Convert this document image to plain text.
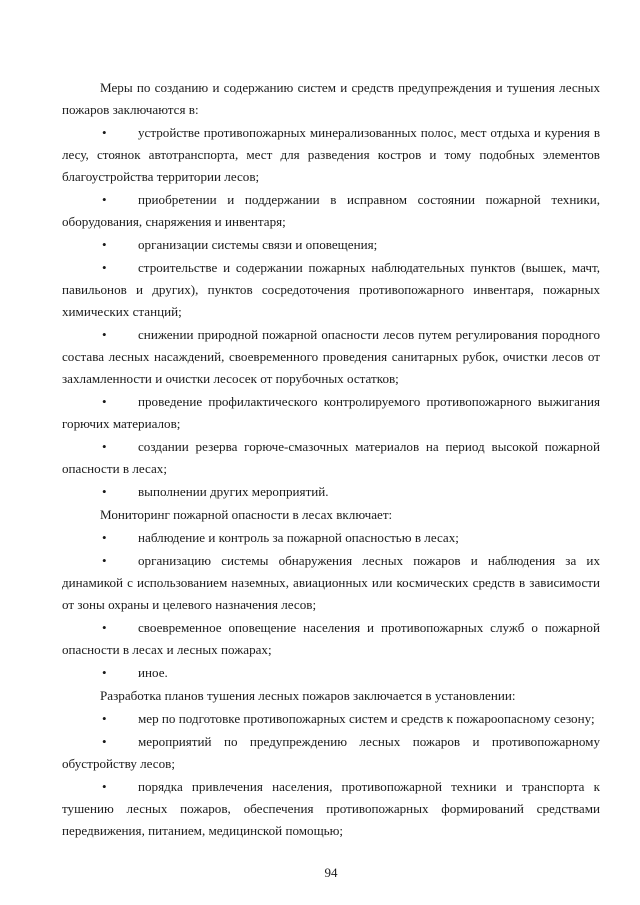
Меры по созданию и содержанию систем и средств предупреждения и тушения лесных пожаров заключаются в:

• устройстве противопожарных минерализованных полос, мест отдыха и курения в лесу, стоянок автотранспорта, мест для разведения костров и тому подобных элементов благоустройства территории лесов;

• приобретении и поддержании в исправном состоянии пожарной техники, оборудования, снаряжения и инвентаря;

• организации системы связи и оповещения;

• строительстве и содержании пожарных наблюдательных пунктов (вышек, мачт, павильонов и других), пунктов сосредоточения противопожарного инвентаря, пожарных химических станций;

• снижении природной пожарной опасности лесов путем регулирования породного состава лесных насаждений, своевременного проведения санитарных рубок, очистки лесов от захламленности и очистки лесосек от порубочных остатков;

• проведение профилактического контролируемого противопожарного выжигания горючих материалов;

• создании резерва горюче-смазочных материалов на период высокой пожарной опасности в лесах;

• выполнении других мероприятий.

Мониторинг пожарной опасности в лесах включает:

• наблюдение и контроль за пожарной опасностью в лесах;

• организацию системы обнаружения лесных пожаров и наблюдения за их динамикой с использованием наземных, авиационных или космических средств в зависимости от зоны охраны и целевого назначения лесов;

• своевременное оповещение населения и противопожарных служб о пожарной опасности в лесах и лесных пожарах;

• иное.

Разработка планов тушения лесных пожаров заключается в установлении:

• мер по подготовке противопожарных систем и средств к пожароопасному сезону;

• мероприятий по предупреждению лесных пожаров и противопожарному обустройству лесов;

• порядка привлечения населения, противопожарной техники и транспорта к тушению лесных пожаров, обеспечения противопожарных формирований средствами передвижения, питанием, медицинской помощью;

94
